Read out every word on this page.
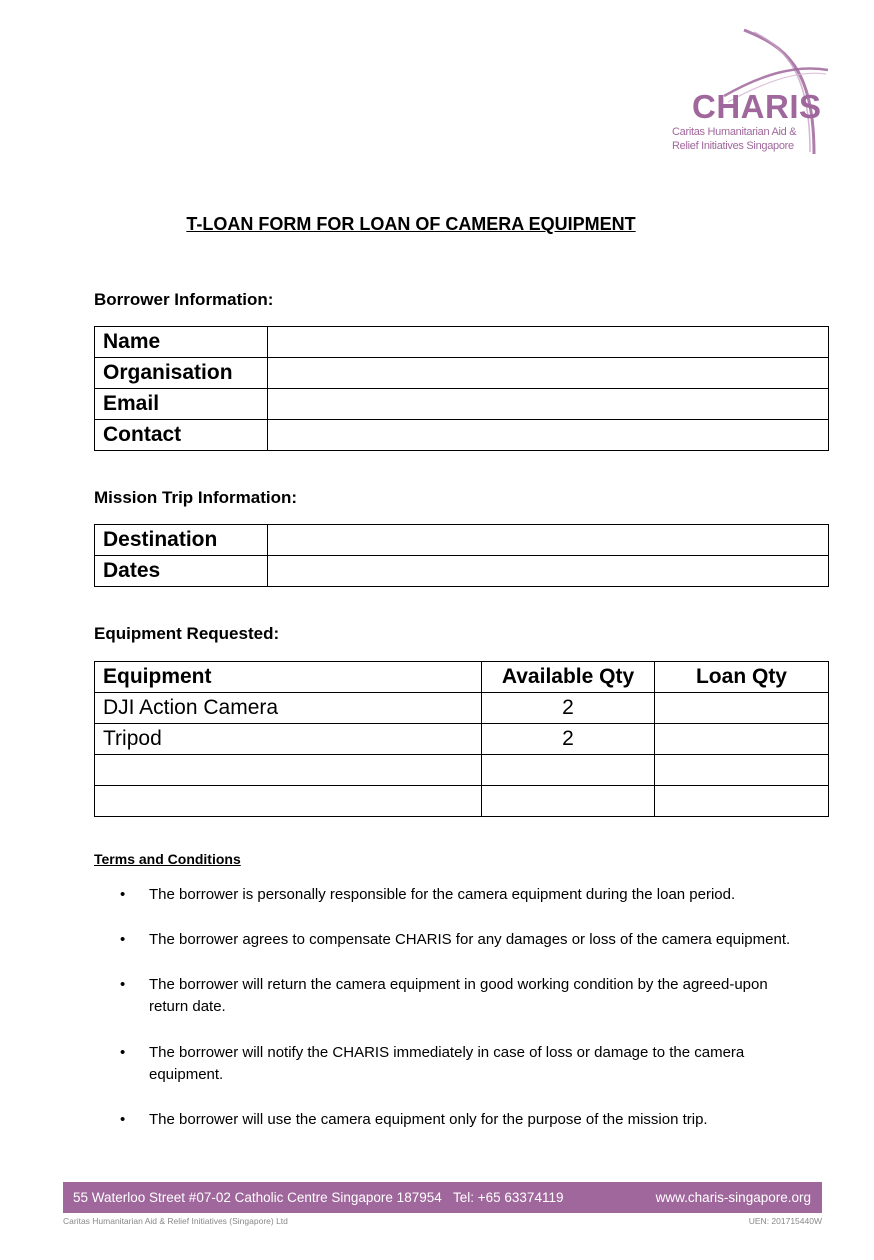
CHARIS
Caritas Humanitarian Aid &
Relief Initiatives Singapore
T-LOAN FORM FOR LOAN OF CAMERA EQUIPMENT
Borrower Information:
Name	
Organisation	
Email	
Contact	
Mission Trip Information:
Destination	
Dates	
Equipment Requested:
Equipment	Available Qty	Loan Qty
DJI Action Camera	2	
Tripod	2	

Terms and Conditions
•	The borrower is personally responsible for the camera equipment during the loan period.
•	The borrower agrees to compensate CHARIS for any damages or loss of the camera equipment.
•	The borrower will return the camera equipment in good working condition by the agreed-upon
return date.
•	The borrower will notify the CHARIS immediately in case of loss or damage to the camera
equipment.
•	The borrower will use the camera equipment only for the purpose of the mission trip.
55 Waterloo Street #07-02 Catholic Centre Singapore 187954 Tel: +65 63374119	www.charis-singapore.org
Caritas Humanitarian Aid & Relief Initiatives (Singapore) Ltd	UEN: 201715440W
